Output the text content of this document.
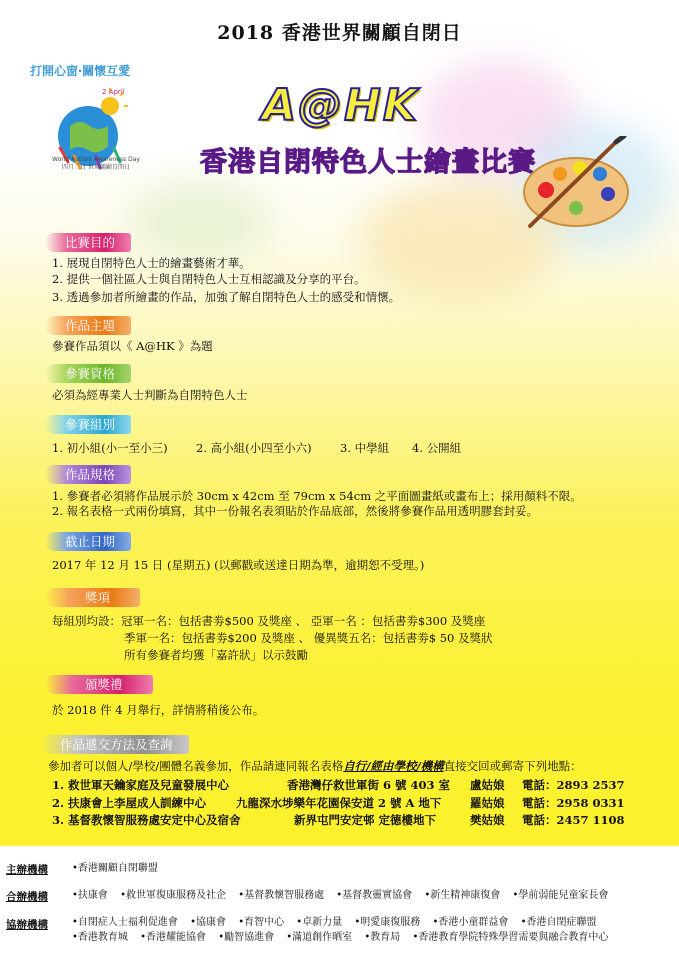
2018 香港世界關顧自閉日
打開心窗‧關懷互愛
2 April
World Autism Awareness Day
四月二日 世界關顧自閉日
A@HK
香港自閉特色人士繪畫比賽
比賽目的
1. 展現自閉特色人士的繪畫藝術才華。
2. 提供一個社區人士與自閉特色人士互相認識及分享的平台。
3. 透過參加者所繪畫的作品，加強了解自閉特色人士的感受和情懷。
作品主題
參賽作品須以《 A@HK 》為題
參賽資格
必須為經專業人士判斷為自閉特色人士
參賽組別
1. 初小組(小一至小三) 2. 高小組(小四至小六) 3. 中學組 4. 公開組
作品規格
1. 參賽者必須將作品展示於 30cm x 42cm 至 79cm x 54cm 之平面圖畫紙或畫布上；採用顏料不限。
2. 報名表格一式兩份填寫，其中一份報名表須貼於作品底部，然後將參賽作品用透明膠套封妥。
截止日期
2017 年 12 月 15 日 (星期五) (以郵戳或送達日期為準，逾期恕不受理。)
獎項
每組別均設：冠軍一名：包括書劵$500 及獎座 、 亞軍一名 ：包括書劵$300 及獎座
季軍一名：包括書劵$200 及獎座 、 優異獎五名：包括書劵$ 50 及獎狀
所有參賽者均獲「嘉許狀」以示鼓勵
頒獎禮
於 2018 件 4 月舉行，詳情將稍後公布。
作品遞交方法及查詢
參加者可以個人/學校/團體名義參加，作品請連同報名表格自行/經由學校/機構直接交回或郵寄下列地點：
1. 救世軍天鑰家庭及兒童發展中心	香港灣仔救世軍街 6 號 403 室 盧姑娘 電話：2893 2537
2. 扶康會上李屋成人訓練中心	九龍深水埗樂年花園保安道 2 號 A 地下 羅姑娘 電話：2958 0331
3. 基督教懷智服務處安定中心及宿舍	新界屯門安定邨 定德樓地下	樊姑娘 電話：2457 1108
主辦機構 •香港關顧自閉聯盟
合辦機構 •扶康會 •救世軍復康服務及社企 •基督教懷智服務處 •基督教靈實協會 •新生精神康復會 •學前弱能兒童家長會
協辦機構 •自閉症人士福利促進會 •協康會 •育智中心 •卓新力量 •明愛康復服務 •香港小童群益會 •香港自閉症聯盟
•香港教育城 •香港耀能協會 •勵智協進會 •滿道創作晒室 •教育局 •香港教育學院特殊學習需要與融合教育中心
